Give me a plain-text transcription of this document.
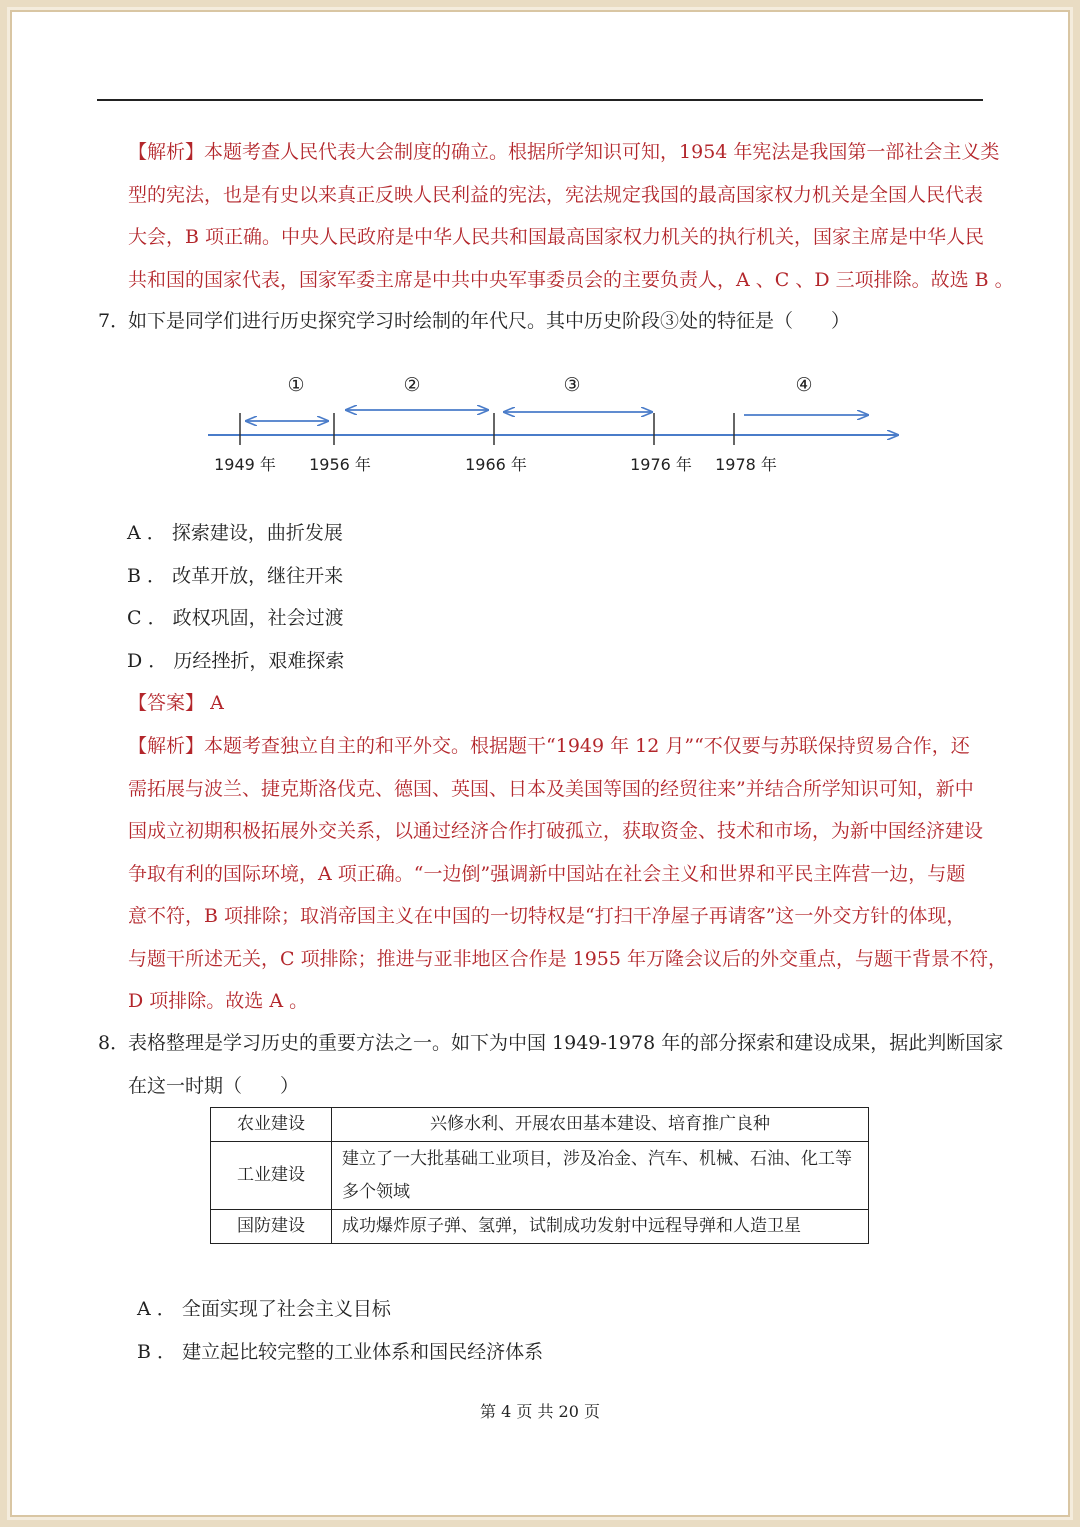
【解析】本题考查人民代表大会制度的确立。根据所学知识可知，1954 年宪法是我国第一部社会主义类
型的宪法，也是有史以来真正反映人民利益的宪法，宪法规定我国的最高国家权力机关是全国人民代表
大会，B 项正确。中央人民政府是中华人民共和国最高国家权力机关的执行机关，国家主席是中华人民
共和国的国家代表，国家军委主席是中共中央军事委员会的主要负责人，A 、C 、D 三项排除。故选 B 。
7．
如下是同学们进行历史探究学习时绘制的年代尺。其中历史阶段③处的特征是（　　）
①	②	③	④
1949 年 1956 年	1966 年	1976 年 1978 年
A ． 探索建设，曲折发展
B ． 改革开放，继往开来
C ． 政权巩固，社会过渡
D ． 历经挫折，艰难探索
【答案】 A
【解析】本题考查独立自主的和平外交。根据题干“1949 年 12 月”“不仅要与苏联保持贸易合作，还
需拓展与波兰、捷克斯洛伐克、德国、英国、日本及美国等国的经贸往来”并结合所学知识可知，新中
国成立初期积极拓展外交关系，以通过经济合作打破孤立，获取资金、技术和市场，为新中国经济建设
争取有利的国际环境，A 项正确。“一边倒”强调新中国站在社会主义和世界和平民主阵营一边，与题
意不符，B 项排除；取消帝国主义在中国的一切特权是“打扫干净屋子再请客”这一外交方针的体现，
与题干所述无关，C 项排除；推进与亚非地区合作是 1955 年万隆会议后的外交重点，与题干背景不符，
D 项排除。故选 A 。
8．
表格整理是学习历史的重要方法之一。如下为中国 1949-1978 年的部分探索和建设成果，据此判断国家
在这一时期（　　）
农业建设	兴修水利、开展农田基本建设、培育推广良种
工业建设	建立了一大批基础工业项目，涉及冶金、汽车、机械、石油、化工等多个领域
国防建设	成功爆炸原子弹、氢弹，试制成功发射中远程导弹和人造卫星
A ． 全面实现了社会主义目标
B ． 建立起比较完整的工业体系和国民经济体系
第 4 页 共 20 页
